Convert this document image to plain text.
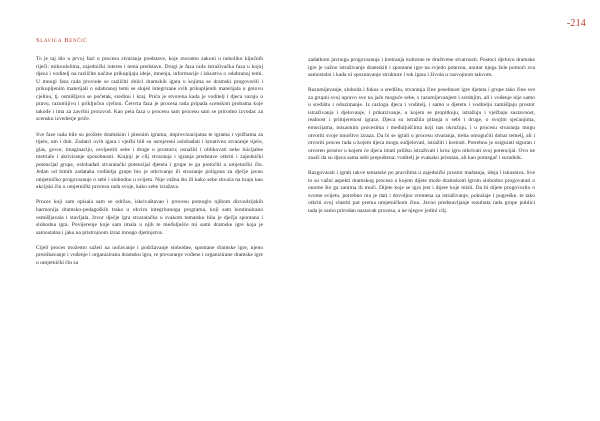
-214
Slavica Benčić

To je taj dio u prvoj fazi u procesu stvaranja predstave, koje moramo zakoni u nekoliko ključnih riječi: mikrodolima, zajednički interes i tema predstave. Drugi je faza rada istraživačka faza u kojoj djeca i voditelj na različite načine prikupljaju ideje, mnenja, informacije i iskustva o odabranoj temi. U mnogi faza rada provode se različiti oblici dramskih igara u kojima se dramski progovorili i prikupljenim materijali o odabranoj temi se sluješ integrirane svih prikupljenih materijala u gotovu cjelinu, tj. osmišljava se početak, sredinu i kraj. Priča je stvorena kada je voditelj i djeca varaju u pravu, razumljivu i priključnu cjelinu. Četvrta faza je procesa rada pripada scenskim probama koje takođe i ima za završni proizvod. Kao peta faza u procesu sam procesu sam se prirodno izvodac za scensku izvedenje priče.

Sve faze rada bile su prožete dramskim i plesnim igrama, improvizacijama te igrama i vježbama za tijelo, um i duh. Zadatci ovih igara i vježbi bili su usmjereni oslobađati i kreativno stvaranje tijelo, glas, govor, imaginaciju, osvijestiti sebe i druge u prostoru; osnažiti i oblikovati neke inicijalne metriale i aktiviranje sposobnosti. Krajnji je cilj stvaranja i igranja predstave otkriti i zajednički potencijal grupe, oslobađati stvaralački potencijal djeteta i grupe te ga pretočiti u umjetnički čin. Jedan od bitnih zadataka voditelja grupe bio je otkrivanje ili stvaranje poligona za dječje javno umjetničko progovaranje o sebi i slobodno u svijetu. Nije važna što ili kako sebe shvaća na kraju kao akcijski čin u umjetnički procesu rada svoje, kako sebe izražava.

Proces koji sam opisala sam se održao, iskrivaštavao i procesu pomoglo njihom dizvodzijskih harmonija dramsko-pedagoških traka u okviru integriranoga programa, koji sam kontinuirano osmišljavala i stavljala. Izvor dječje igra stvaralačka u svakom tematsku bila je dječja spontana i slobodna igra. Povijerenje koje sam imala u njih te međuljušće mi sami dramske igre koja je samostalna i jaka na pristrojnom izraz mnogo djetinjstva.

Cijeli proces možemo sažeti na uočavanje i podržavanje slobodne, spontane dramske igre, njeno preslikavanje i vođenje i organiziranu dramsku igru, te prevaranje vođene i organizirane dramske igre u umjetnički čin sa

zadatkom javnoga progovaranja i kreiranja kulturne te društvene stvarnosti. Postoci djeluvu dramske igre je važno istraživanje dramskih i spontane igre na svjedo poteznu, unutar njega žele pomoći sva samostalni i kada ni spoznavanje strukture i tok igara i života u razvojnom takvom.

Razumijevanje, sloboda i fokus u središtu, stvaranja čine posebnost igre djeteta i grupe tako čine sve za grupni svoj upravo sve na jače moguće sebe, s razumijevanjem i srednjim, ali i vođenje nije samo u središtu i oduzimanje. Iz razloga djeca i voditelj, i samo u djetetu i voditelju zamišljaju prostor istraživanja i djelovanje, i prikazivanje, u kojem se propitkuju, istražuju i vježbaju sustavnost, realnost i primjerenost igrara. Djeca su istražila pitanja o sebi i druge, o svojim sjećanjima, emocijama, misaonim procesima i međuljušćima koji nas okružuju, i u procesu stvaranja mogu otvoriti svoje mnoštvo izraza. Da bi se igrali u procesu stvaranja, treba omogućiti dobar temelj, ali i otvoriti proces rada u kojem djeca mogu sudjelovati, istražiti i kreirati. Potrebno je osigurati siguran i otvoren prostor u kojem će djeca imati priliku istraživati i kroz igru otkrivati svoj potencijal. Ovo ne znači da su djeca sama sebi prepuštena; voditelj je svakako prisutan, ali kao pomagač i suradnik.

Razgovarati i igrati takve tematske po pravilima u zajednički prostor maštanja, ideja i iskustava. Sve to su važni aspekti dramskog procesa u kojem dijete može dramskom igrom slobodno progovarati o onome što ga zanima ili muči. Dijete koje se igra jest i dijete koje misli. Da bi dijete progovorilo o svome svijetu, potrebno mu je dati i dovoljno vremena za istraživanje, pokušaje i pogreške, te tako otkriti svoj vlastiti put prema umjetničkom činu. Javno predstavljanje rezultata rada grupe publici tada je samo prirodan nastavak procesa, a ne njegov jedini cilj.
